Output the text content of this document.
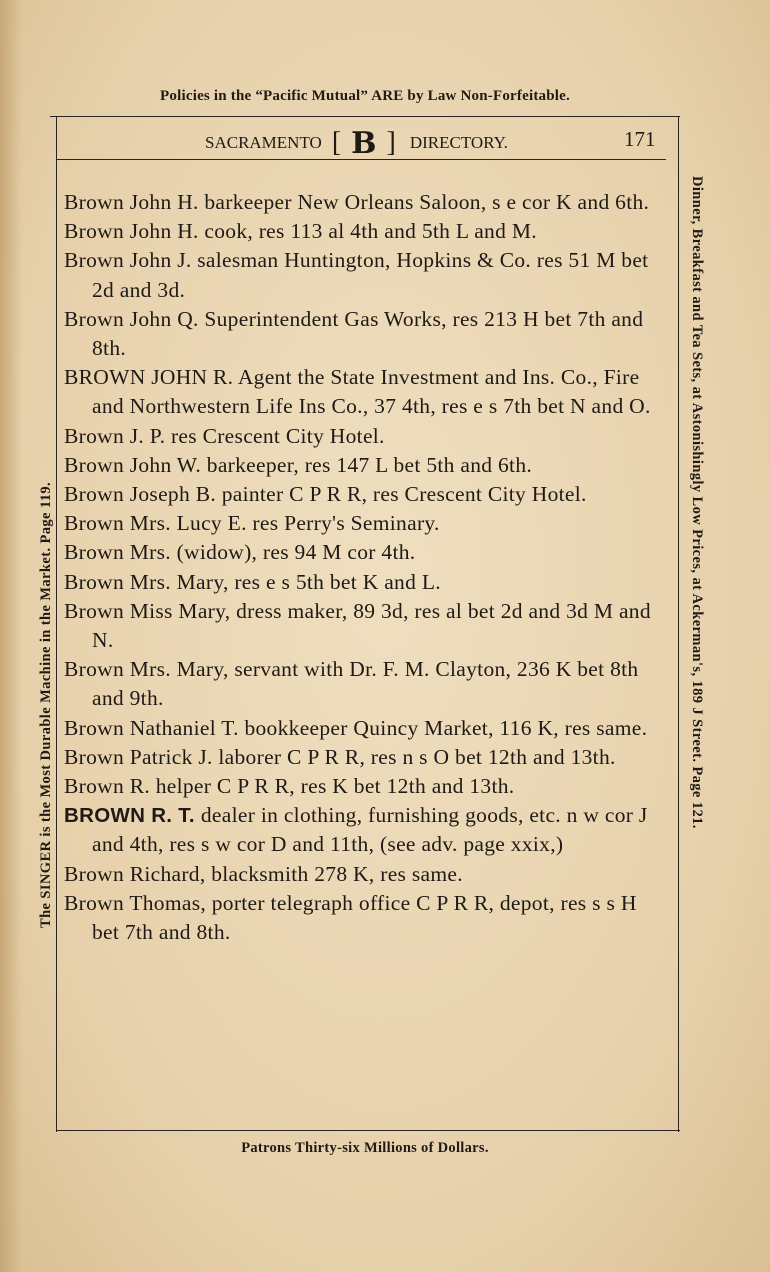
Policies in the “Pacific Mutual” ARE by Law Non-Forfeitable.
SACRAMENTO [ B ] DIRECTORY.	171

Brown John H. barkeeper New Orleans Saloon, s e cor K and 6th.

Brown John H. cook, res 113 al 4th and 5th L and M.

Brown John J. salesman Huntington, Hopkins & Co. res 51 M bet 2d and 3d.

Brown John Q. Superintendent Gas Works, res 213 H bet 7th and 8th.

BROWN JOHN R. Agent the State Investment and Ins. Co., Fire and Northwestern Life Ins Co., 37 4th, res e s 7th bet N and O.

Brown J. P. res Crescent City Hotel.

Brown John W. barkeeper, res 147 L bet 5th and 6th.

Brown Joseph B. painter C P R R, res Crescent City Hotel.

Brown Mrs. Lucy E. res Perry's Seminary.

Brown Mrs. (widow), res 94 M cor 4th.

Brown Mrs. Mary, res e s 5th bet K and L.

Brown Miss Mary, dress maker, 89 3d, res al bet 2d and 3d M and N.

Brown Mrs. Mary, servant with Dr. F. M. Clayton, 236 K bet 8th and 9th.

Brown Nathaniel T. bookkeeper Quincy Market, 116 K, res same.

Brown Patrick J. laborer C P R R, res n s O bet 12th and 13th.

Brown R. helper C P R R, res K bet 12th and 13th.

BROWN R. T. dealer in clothing, furnishing goods, etc. n w cor J and 4th, res s w cor D and 11th, (see adv. page xxix,)

Brown Richard, blacksmith 278 K, res same.

Brown Thomas, porter telegraph office C P R R, depot, res s s H bet 7th and 8th.

Patrons Thirty-six Millions of Dollars.
The SINGER is the Most Durable Machine in the Market. Page 119.	Dinner, Breakfast and Tea Sets, at Astonishingly Low Prices, at Ackerman's, 189 J Street. Page 121.
